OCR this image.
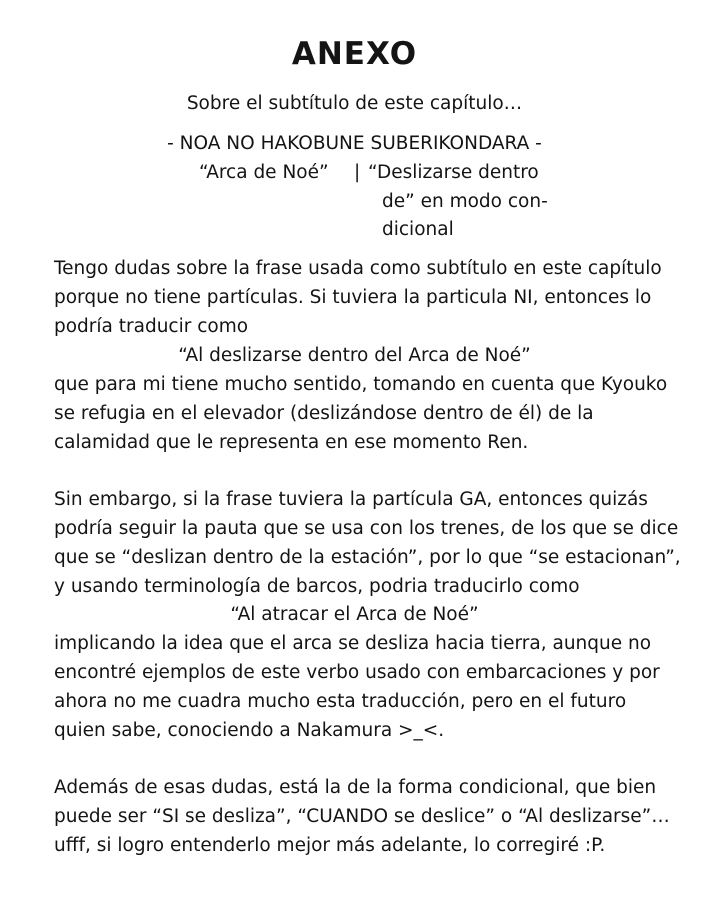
ANEXO
Sobre el subtítulo de este capítulo…
- NOA NO HAKOBUNE SUBERIKONDARA -
“Arca de Noé” | “Deslizarse dentro
de” en modo con-
dicional
Tengo dudas sobre la frase usada como subtítulo en este capítulo
porque no tiene partículas. Si tuviera la particula NI, entonces lo
podría traducir como
“Al deslizarse dentro del Arca de Noé”
que para mi tiene mucho sentido, tomando en cuenta que Kyouko
se refugia en el elevador (deslizándose dentro de él) de la
calamidad que le representa en ese momento Ren.
Sin embargo, si la frase tuviera la partícula GA, entonces quizás
podría seguir la pauta que se usa con los trenes, de los que se dice
que se “deslizan dentro de la estación”, por lo que “se estacionan”,
y usando terminología de barcos, podria traducirlo como
“Al atracar el Arca de Noé”
implicando la idea que el arca se desliza hacia tierra, aunque no
encontré ejemplos de este verbo usado con embarcaciones y por
ahora no me cuadra mucho esta traducción, pero en el futuro
quien sabe, conociendo a Nakamura >_<.
Además de esas dudas, está la de la forma condicional, que bien
puede ser “SI se desliza”, “CUANDO se deslice” o “Al deslizarse”…
ufff, si logro entenderlo mejor más adelante, lo corregiré :P.
